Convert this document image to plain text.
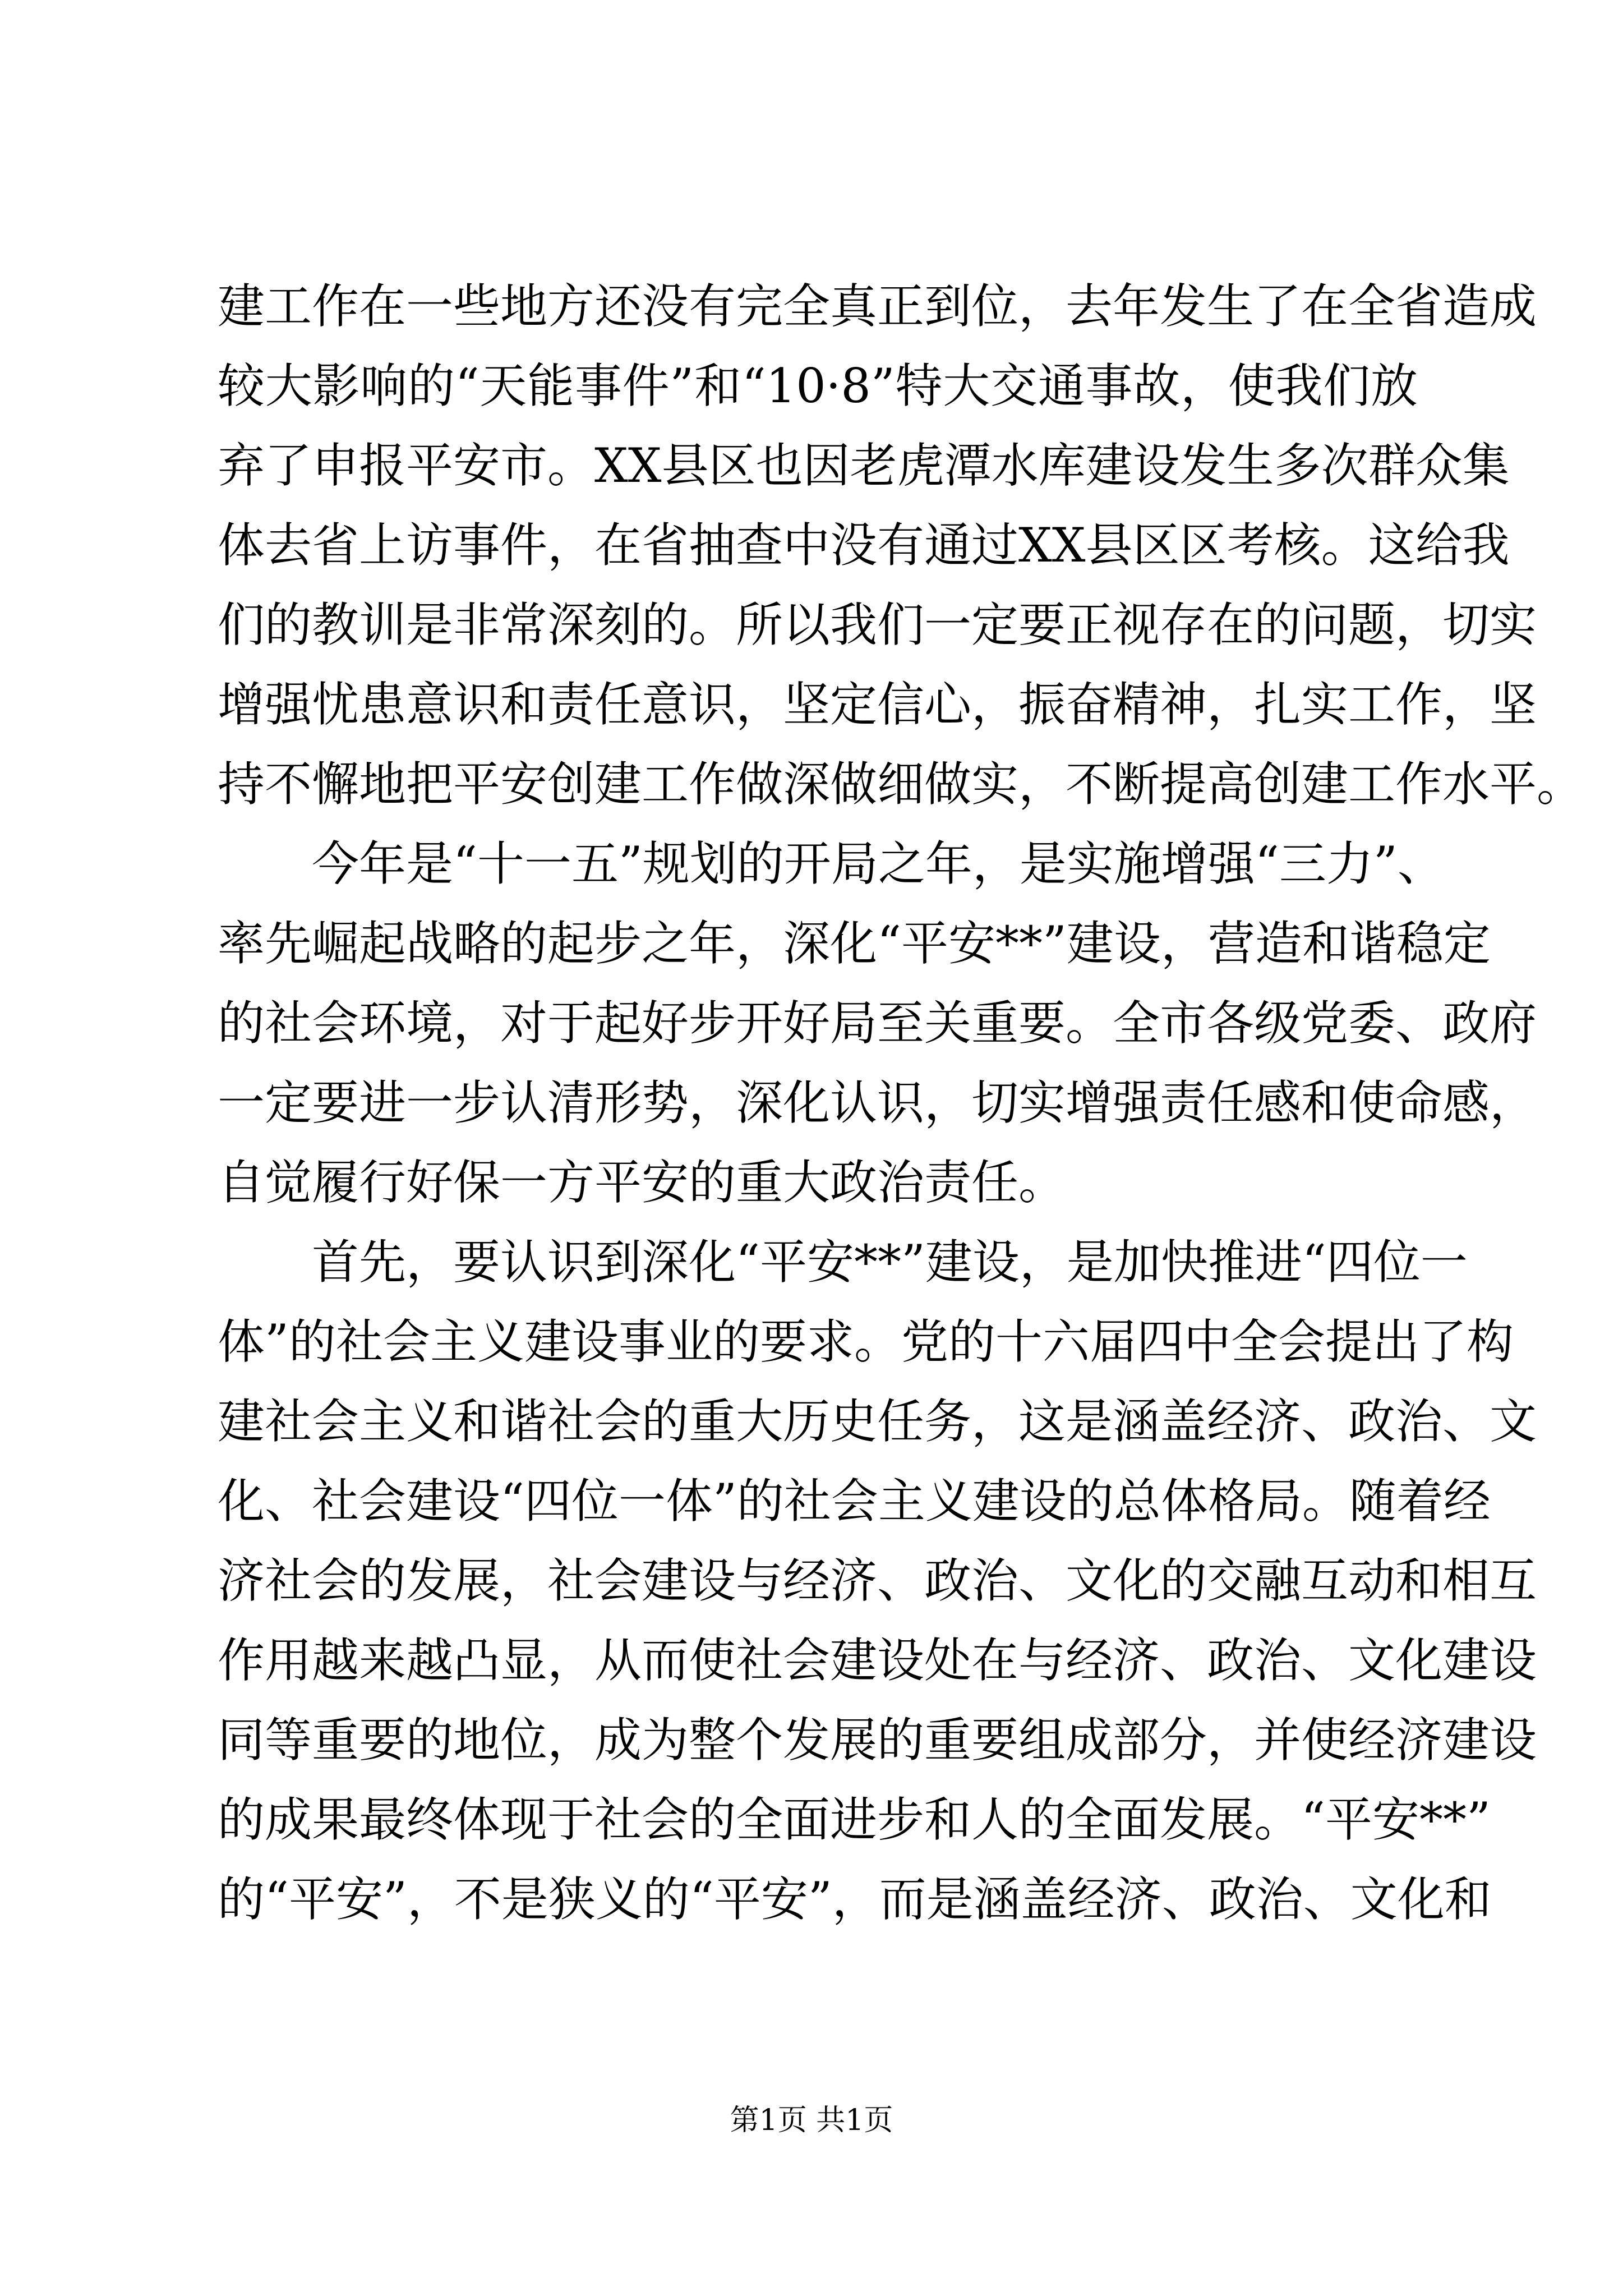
建工作在一些地方还没有完全真正到位，去年发生了在全省造成
较大影响的“天能事件”和“10·8”特大交通事故，使我们放
弃了申报平安市。XX县区也因老虎潭水库建设发生多次群众集
体去省上访事件，在省抽查中没有通过XX县区区考核。这给我
们的教训是非常深刻的。所以我们一定要正视存在的问题，切实
增强忧患意识和责任意识，坚定信心，振奋精神，扎实工作，坚
持不懈地把平安创建工作做深做细做实，不断提高创建工作水平。
今年是“十一五”规划的开局之年，是实施增强“三力”、
率先崛起战略的起步之年，深化“平安**”建设，营造和谐稳定
的社会环境，对于起好步开好局至关重要。全市各级党委、政府
一定要进一步认清形势，深化认识，切实增强责任感和使命感，
自觉履行好保一方平安的重大政治责任。
首先，要认识到深化“平安**”建设，是加快推进“四位一
体”的社会主义建设事业的要求。党的十六届四中全会提出了构
建社会主义和谐社会的重大历史任务，这是涵盖经济、政治、文
化、社会建设“四位一体”的社会主义建设的总体格局。随着经
济社会的发展，社会建设与经济、政治、文化的交融互动和相互
作用越来越凸显，从而使社会建设处在与经济、政治、文化建设
同等重要的地位，成为整个发展的重要组成部分，并使经济建设
的成果最终体现于社会的全面进步和人的全面发展。“平安**”
的“平安”，不是狭义的“平安”，而是涵盖经济、政治、文化和
第1页 共1页
